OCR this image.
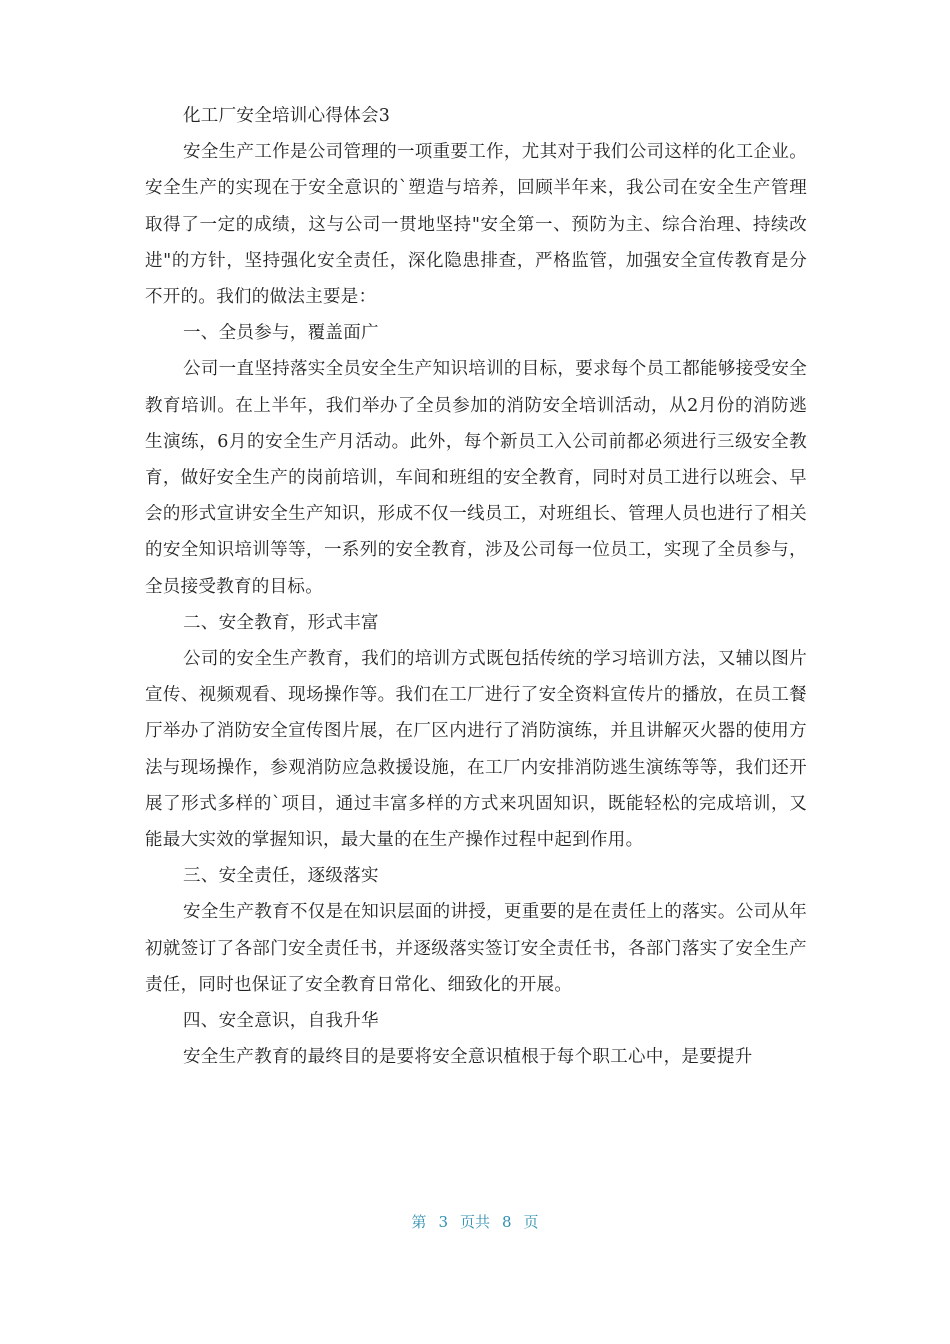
化工厂安全培训心得体会3

安全生产工作是公司管理的一项重要工作，尤其对于我们公司这样的化工企业。安全生产的实现在于安全意识的`塑造与培养，回顾半年来，我公司在安全生产管理取得了一定的成绩，这与公司一贯地坚持"安全第一、预防为主、综合治理、持续改进"的方针，坚持强化安全责任，深化隐患排查，严格监管，加强安全宣传教育是分不开的。我们的做法主要是：

一、全员参与，覆盖面广

公司一直坚持落实全员安全生产知识培训的目标，要求每个员工都能够接受安全教育培训。在上半年，我们举办了全员参加的消防安全培训活动，从2月份的消防逃生演练，6月的安全生产月活动。此外，每个新员工入公司前都必须进行三级安全教育，做好安全生产的岗前培训，车间和班组的安全教育，同时对员工进行以班会、早会的形式宣讲安全生产知识，形成不仅一线员工，对班组长、管理人员也进行了相关的安全知识培训等等，一系列的安全教育，涉及公司每一位员工，实现了全员参与，全员接受教育的目标。

二、安全教育，形式丰富

公司的安全生产教育，我们的培训方式既包括传统的学习培训方法，又辅以图片宣传、视频观看、现场操作等。我们在工厂进行了安全资料宣传片的播放，在员工餐厅举办了消防安全宣传图片展，在厂区内进行了消防演练，并且讲解灭火器的使用方法与现场操作，参观消防应急救援设施，在工厂内安排消防逃生演练等等，我们还开展了形式多样的`项目，通过丰富多样的方式来巩固知识，既能轻松的完成培训，又能最大实效的掌握知识，最大量的在生产操作过程中起到作用。

三、安全责任，逐级落实

安全生产教育不仅是在知识层面的讲授，更重要的是在责任上的落实。公司从年初就签订了各部门安全责任书，并逐级落实签订安全责任书，各部门落实了安全生产责任，同时也保证了安全教育日常化、细致化的开展。

四、安全意识，自我升华

安全生产教育的最终目的是要将安全意识植根于每个职工心中，是要提升

第 3 页共 8 页
